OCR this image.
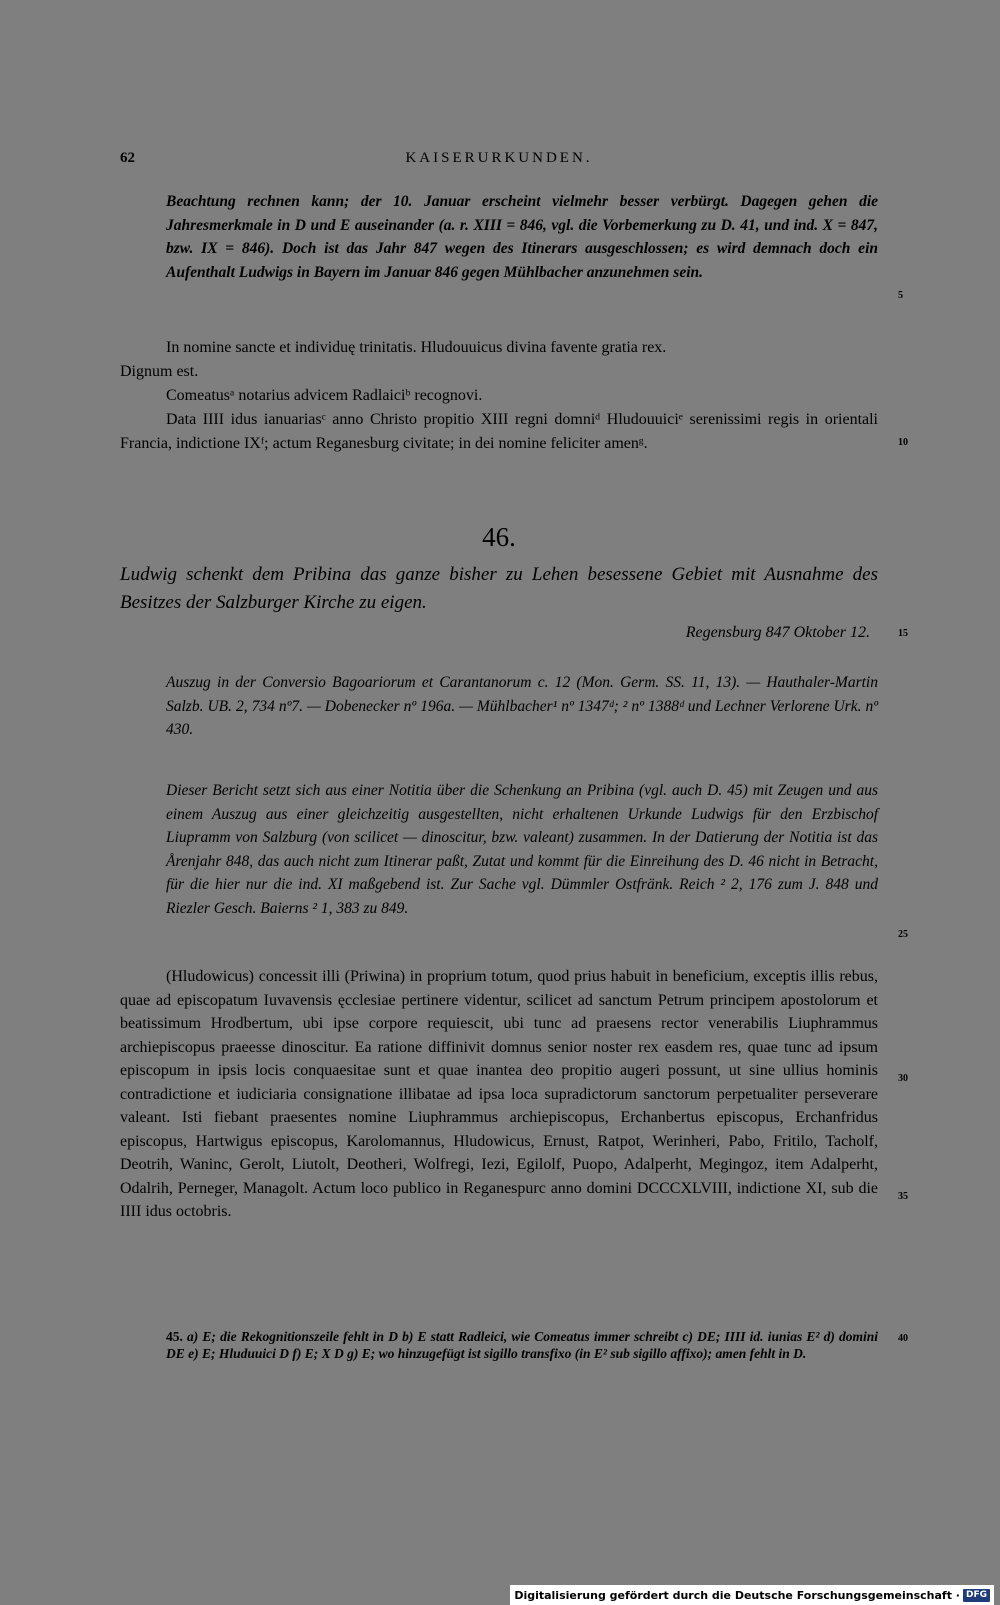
62	KAISERURKUNDEN.
Beachtung rechnen kann; der 10. Januar erscheint vielmehr besser verbürgt. Dagegen gehen die Jahresmerkmale in D und E auseinander (a. r. XIII = 846, vgl. die Vorbemerkung zu D. 41, und ind. X = 847, bzw. IX = 846). Doch ist das Jahr 847 wegen des Itinerars ausgeschlossen; es wird demnach doch ein Aufenthalt Ludwigs in Bayern im Januar 846 gegen Mühlbacher anzunehmen sein.

In nomine sancte et individuę trinitatis. Hludouuicus divina favente gratia rex.

Dignum est.

Comeatusᵃ notarius advicem Radlaiciᵇ recognovi.

Data IIII idus ianuariasᶜ anno Christo propitio XIII regni domniᵈ Hludouuiciᵉ serenissimi regis in orientali Francia, indictione IXᶠ; actum Reganesburg civitate; in dei nomine feliciter amenᵍ.

46.
Ludwig schenkt dem Pribina das ganze bisher zu Lehen besessene Gebiet mit Ausnahme des Besitzes der Salzburger Kirche zu eigen.
Regensburg 847 Oktober 12.
Auszug in der Conversio Bagoariorum et Carantanorum c. 12 (Mon. Germ. SS. 11, 13). — Hauthaler-Martin Salzb. UB. 2, 734 nº7. — Dobenecker nº 196a. — Mühlbacher¹ nº 1347ᵈ; ² nº 1388ᵈ und Lechner Verlorene Urk. nº 430.
Dieser Bericht setzt sich aus einer Notitia über die Schenkung an Pribina (vgl. auch D. 45) mit Zeugen und aus einem Auszug aus einer gleichzeitig ausgestellten, nicht erhaltenen Urkunde Ludwigs für den Erzbischof Liupramm von Salzburg (von scilicet — dinoscitur, bzw. valeant) zusammen. In der Datierung der Notitia ist das Årenjahr 848, das auch nicht zum Itinerar paßt, Zutat und kommt für die Einreihung des D. 46 nicht in Betracht, für die hier nur die ind. XI maßgebend ist. Zur Sache vgl. Dümmler Ostfränk. Reich ² 2, 176 zum J. 848 und Riezler Gesch. Baierns ² 1, 383 zu 849.

(Hludowicus) concessit illi (Priwina) in proprium totum, quod prius habuit in beneficium, exceptis illis rebus, quae ad episcopatum Iuvavensis ęcclesiae pertinere videntur, scilicet ad sanctum Petrum principem apostolorum et beatissimum Hrodbertum, ubi ipse corpore requiescit, ubi tunc ad praesens rector venerabilis Liuphrammus archiepiscopus praeesse dinoscitur. Ea ratione diffinivit domnus senior noster rex easdem res, quae tunc ad ipsum episcopum in ipsis locis conquaesitae sunt et quae inantea deo propitio augeri possunt, ut sine ullius hominis contradictione et iudiciaria consignatione illibatae ad ipsa loca supradictorum sanctorum perpetualiter perseverare valeant. Isti fiebant praesentes nomine Liuphrammus archiepiscopus, Erchanbertus episcopus, Erchanfridus episcopus, Hartwigus episcopus, Karolomannus, Hludowicus, Ernust, Ratpot, Werinheri, Pabo, Fritilo, Tacholf, Deotrih, Waninc, Gerolt, Liutolt, Deotheri, Wolfregi, Iezi, Egilolf, Puopo, Adalperht, Megingoz, item Adalperht, Odalrih, Perneger, Managolt. Actum loco publico in Reganespurc anno domini DCCCXLVIII, indictione XI, sub die IIII idus octobris.

45. a) E; die Rekognitionszeile fehlt in D b) E statt Radleici, wie Comeatus immer schreibt c) DE; IIII id. iunias E² d) domini DE e) E; Hluduuici D f) E; X D g) E; wo hinzugefügt ist sigillo transfixo (in E² sub sigillo affixo); amen fehlt in D.
5
10
15
25
30
35
40
Digitalisierung gefördert durch die Deutsche Forschungsgemeinschaft · DFG
